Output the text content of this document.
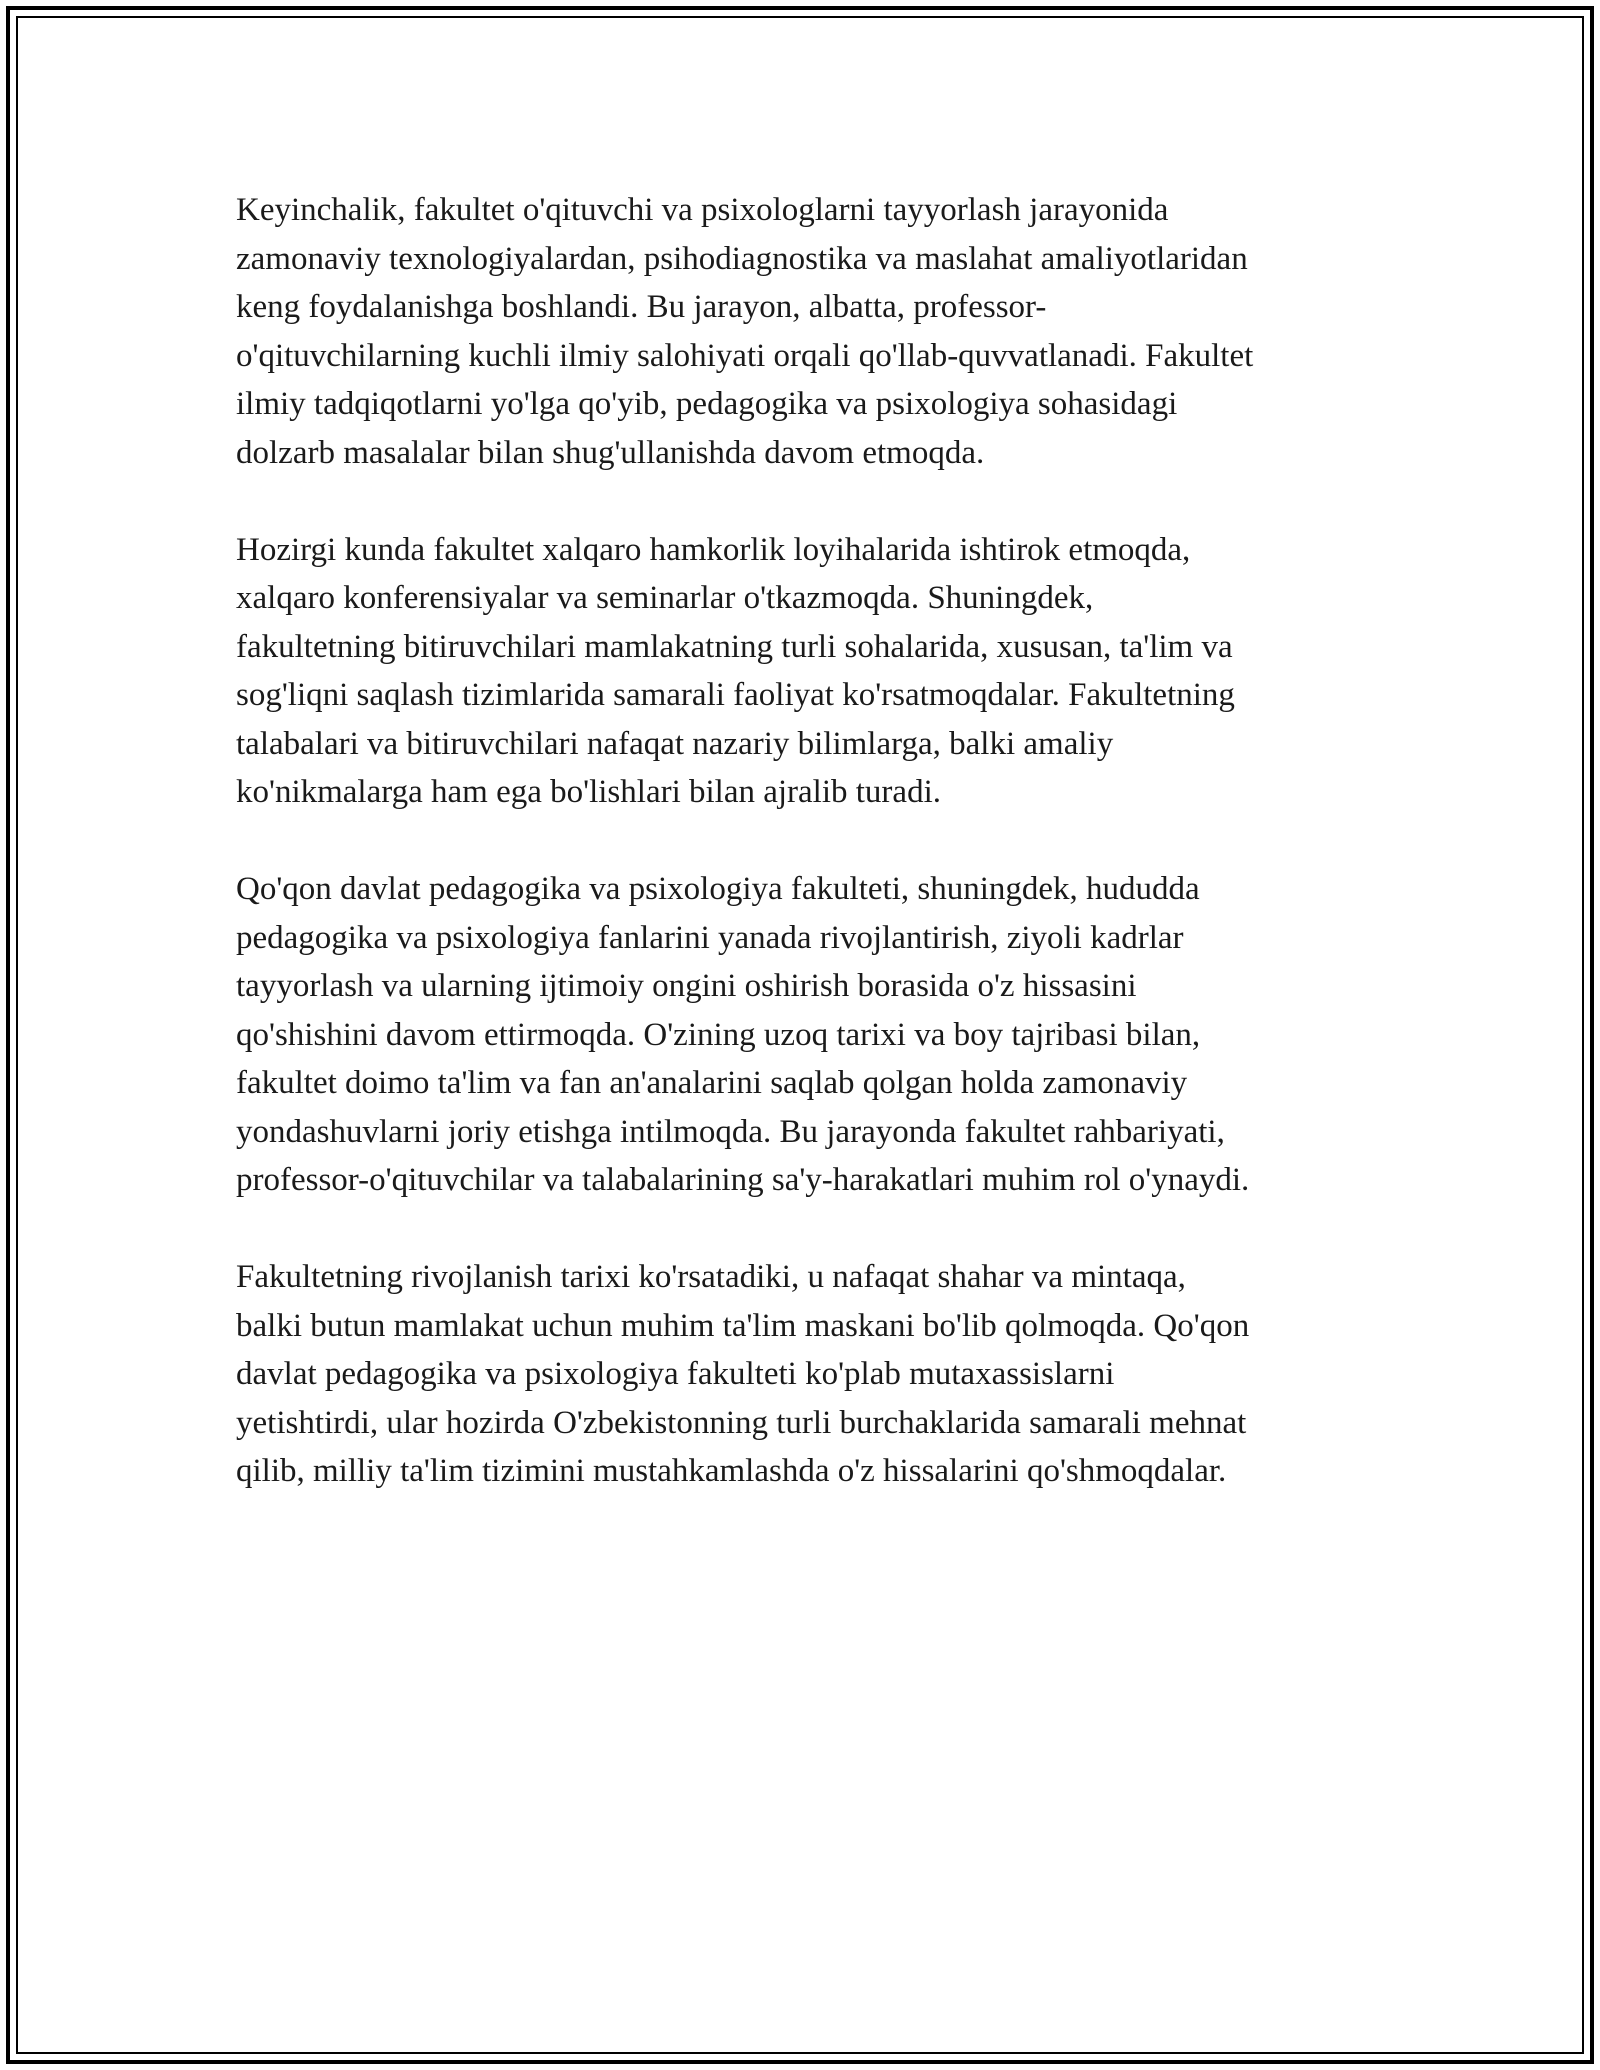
Keyinchalik, fakultet o'qituvchi va psixologlarni tayyorlash jarayonida
zamonaviy texnologiyalardan, psihodiagnostika va maslahat amaliyotlaridan
keng foydalanishga boshlandi. Bu jarayon, albatta, professor-
o'qituvchilarning kuchli ilmiy salohiyati orqali qo'llab-quvvatlanadi. Fakultet
ilmiy tadqiqotlarni yo'lga qo'yib, pedagogika va psixologiya sohasidagi
dolzarb masalalar bilan shug'ullanishda davom etmoqda.

Hozirgi kunda fakultet xalqaro hamkorlik loyihalarida ishtirok etmoqda,
xalqaro konferensiyalar va seminarlar o'tkazmoqda. Shuningdek,
fakultetning bitiruvchilari mamlakatning turli sohalarida, xususan, ta'lim va
sog'liqni saqlash tizimlarida samarali faoliyat ko'rsatmoqdalar. Fakultetning
talabalari va bitiruvchilari nafaqat nazariy bilimlarga, balki amaliy
ko'nikmalarga ham ega bo'lishlari bilan ajralib turadi.

Qo'qon davlat pedagogika va psixologiya fakulteti, shuningdek, hududda
pedagogika va psixologiya fanlarini yanada rivojlantirish, ziyoli kadrlar
tayyorlash va ularning ijtimoiy ongini oshirish borasida o'z hissasini
qo'shishini davom ettirmoqda. O'zining uzoq tarixi va boy tajribasi bilan,
fakultet doimo ta'lim va fan an'analarini saqlab qolgan holda zamonaviy
yondashuvlarni joriy etishga intilmoqda. Bu jarayonda fakultet rahbariyati,
professor-o'qituvchilar va talabalarining sa'y-harakatlari muhim rol o'ynaydi.

Fakultetning rivojlanish tarixi ko'rsatadiki, u nafaqat shahar va mintaqa,
balki butun mamlakat uchun muhim ta'lim maskani bo'lib qolmoqda. Qo'qon
davlat pedagogika va psixologiya fakulteti ko'plab mutaxassislarni
yetishtirdi, ular hozirda O'zbekistonning turli burchaklarida samarali mehnat
qilib, milliy ta'lim tizimini mustahkamlashda o'z hissalarini qo'shmoqdalar.
